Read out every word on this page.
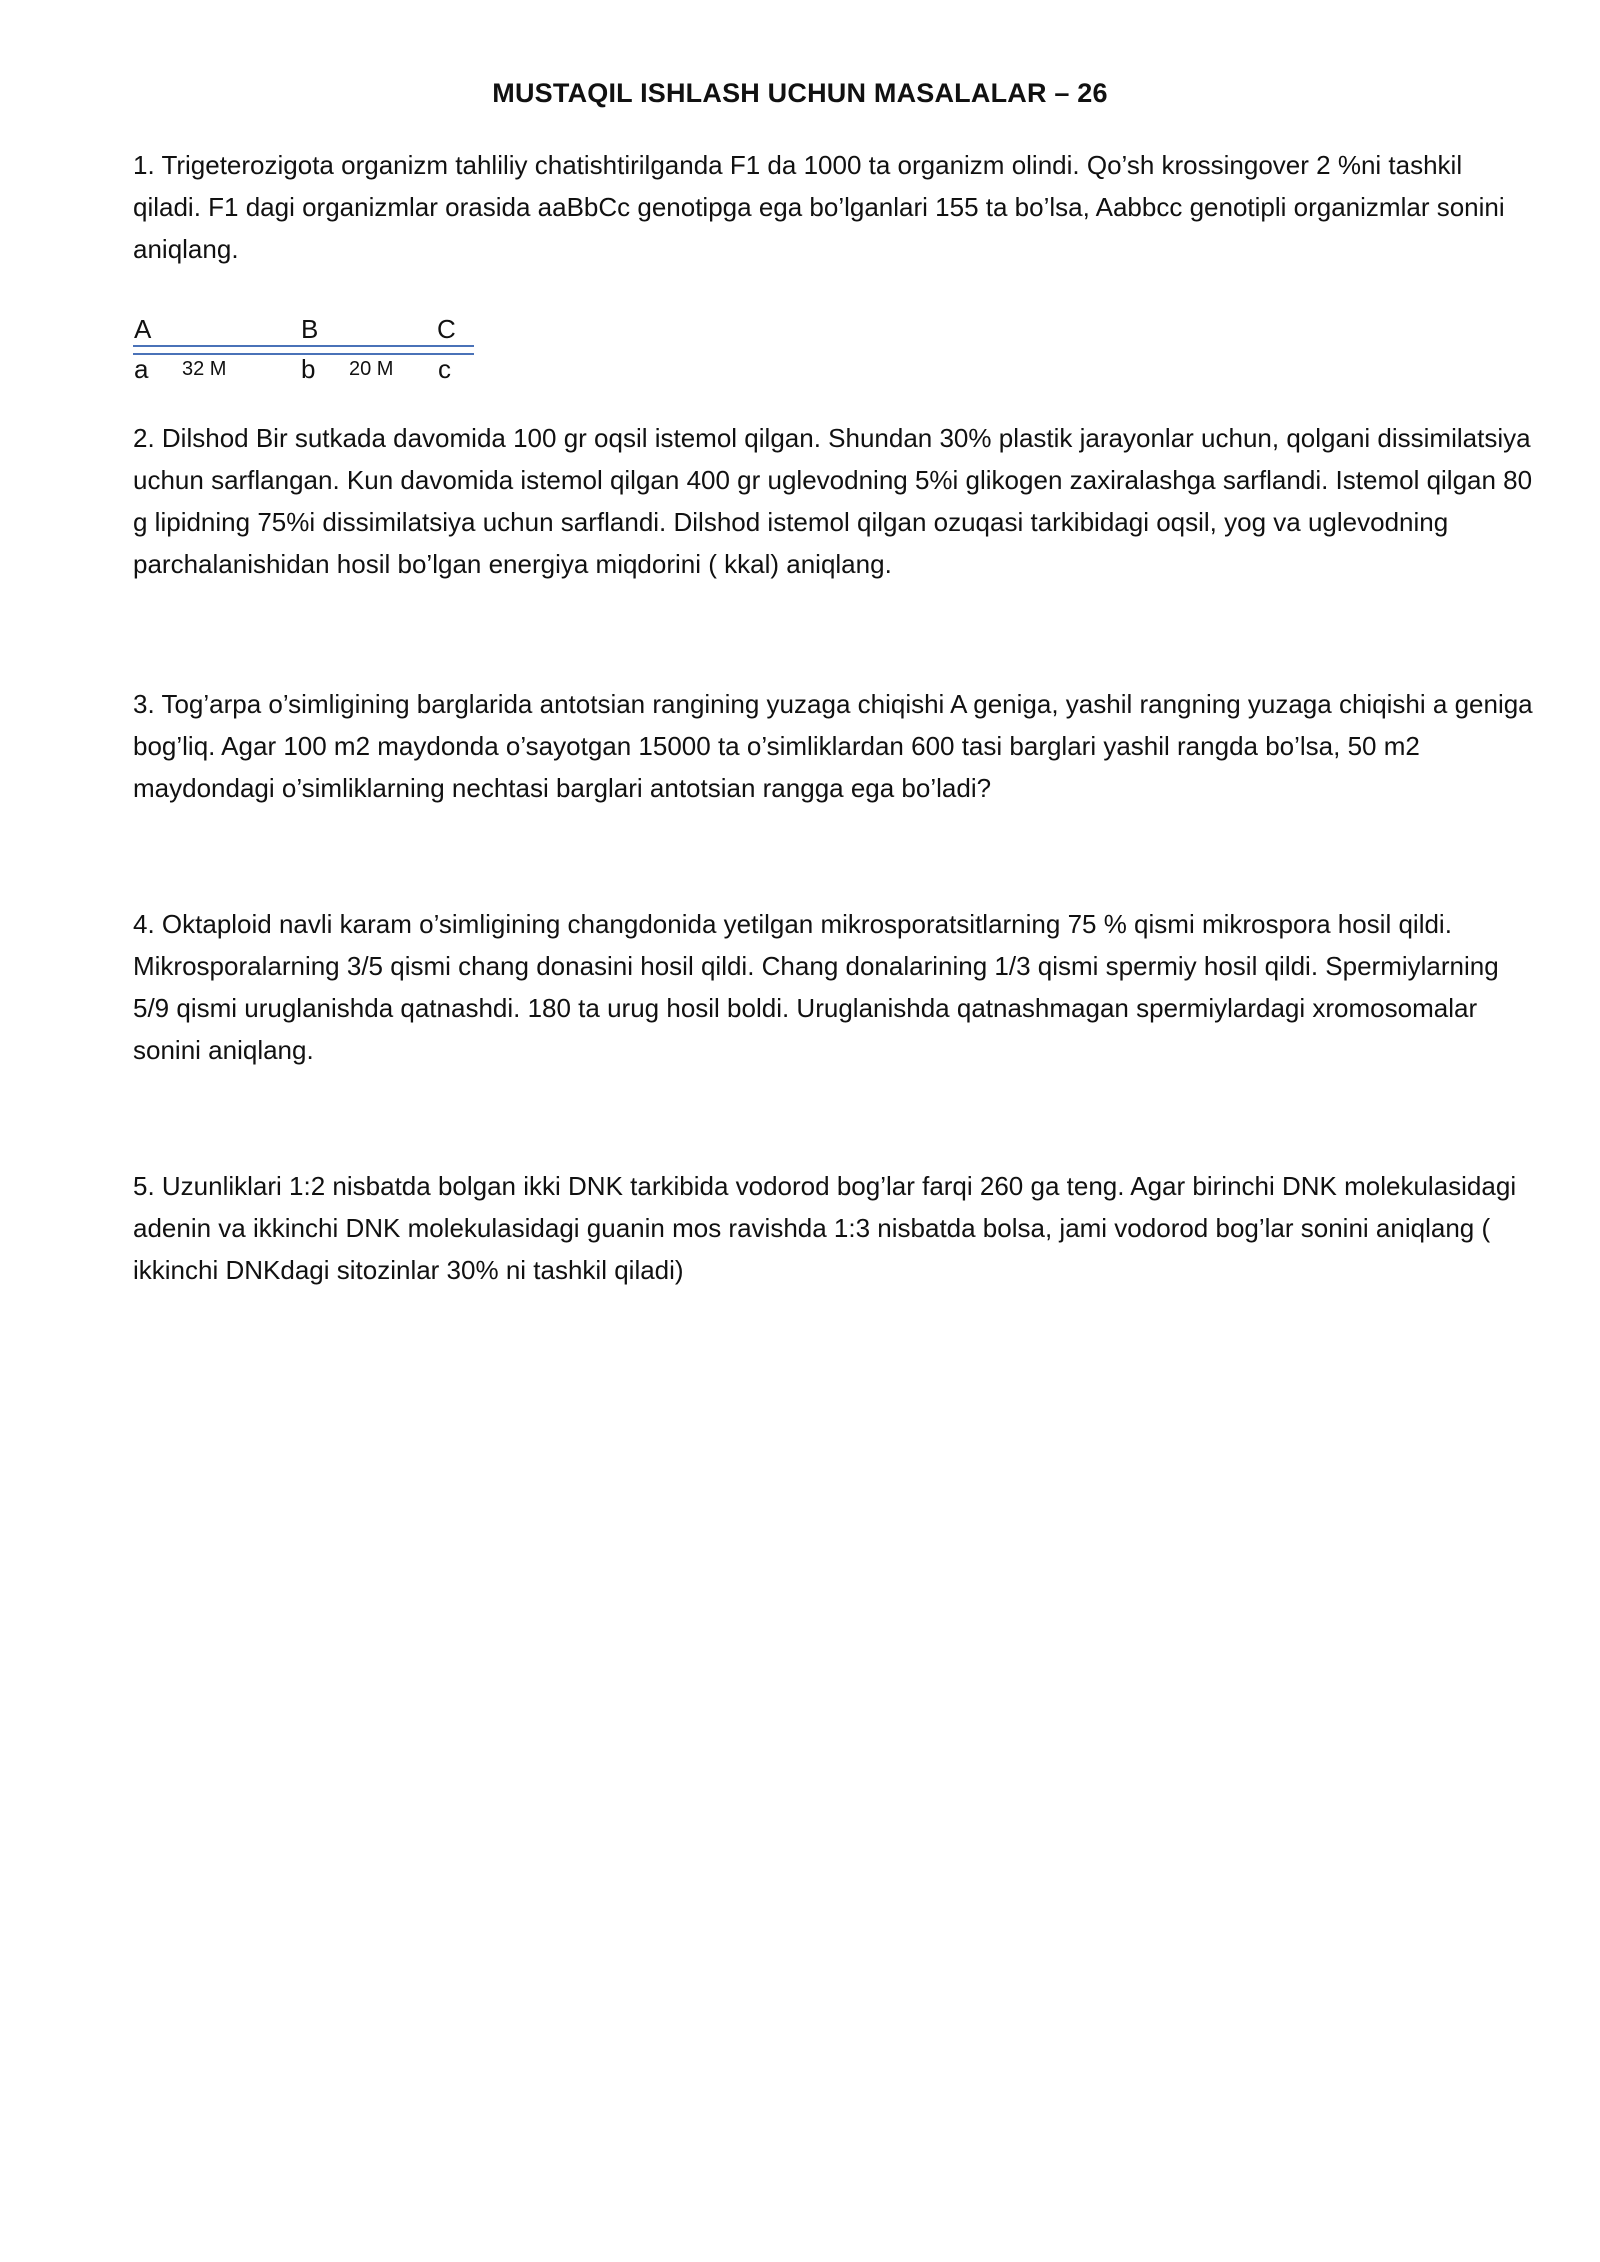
MUSTAQIL ISHLASH UCHUN MASALALAR – 26

1. Trigeterozigota organizm tahliliy chatishtirilganda F1 da 1000 ta organizm olindi. Qo’sh krossingover 2 %ni tashkil qiladi. F1 dagi organizmlar orasida aaBbCc genotipga ega bo’lganlari 155 ta bo’lsa, Aabbcc genotipli organizmlar sonini aniqlang.

A	B	C
a 32 M	b 20 M c

2. Dilshod Bir sutkada davomida 100 gr oqsil istemol qilgan. Shundan 30% plastik jarayonlar uchun, qolgani dissimilatsiya uchun sarflangan. Kun davomida istemol qilgan 400 gr uglevodning 5%i glikogen zaxiralashga sarflandi. Istemol qilgan 80 g lipidning 75%i dissimilatsiya uchun sarflandi. Dilshod istemol qilgan ozuqasi tarkibidagi oqsil, yog va uglevodning parchalanishidan hosil bo’lgan energiya miqdorini ( kkal) aniqlang.

3. Tog’arpa o’simligining barglarida antotsian rangining yuzaga chiqishi A geniga, yashil rangning yuzaga chiqishi a geniga bog’liq. Agar 100 m2 maydonda o’sayotgan 15000 ta o’simliklardan 600 tasi barglari yashil rangda bo’lsa, 50 m2 maydondagi o’simliklarning nechtasi barglari antotsian rangga ega bo’ladi?

4. Oktaploid navli karam o’simligining changdonida yetilgan mikrosporatsitlarning 75 % qismi mikrospora hosil qildi. Mikrosporalarning 3/5 qismi chang donasini hosil qildi. Chang donalarining 1/3 qismi spermiy hosil qildi. Spermiylarning 5/9 qismi uruglanishda qatnashdi. 180 ta urug hosil boldi. Uruglanishda qatnashmagan spermiylardagi xromosomalar sonini aniqlang.

5. Uzunliklari 1:2 nisbatda bolgan ikki DNK tarkibida vodorod bog’lar farqi 260 ga teng. Agar birinchi DNK molekulasidagi adenin va ikkinchi DNK molekulasidagi guanin mos ravishda 1:3 nisbatda bolsa, jami vodorod bog’lar sonini aniqlang ( ikkinchi DNKdagi sitozinlar 30% ni tashkil qiladi)
